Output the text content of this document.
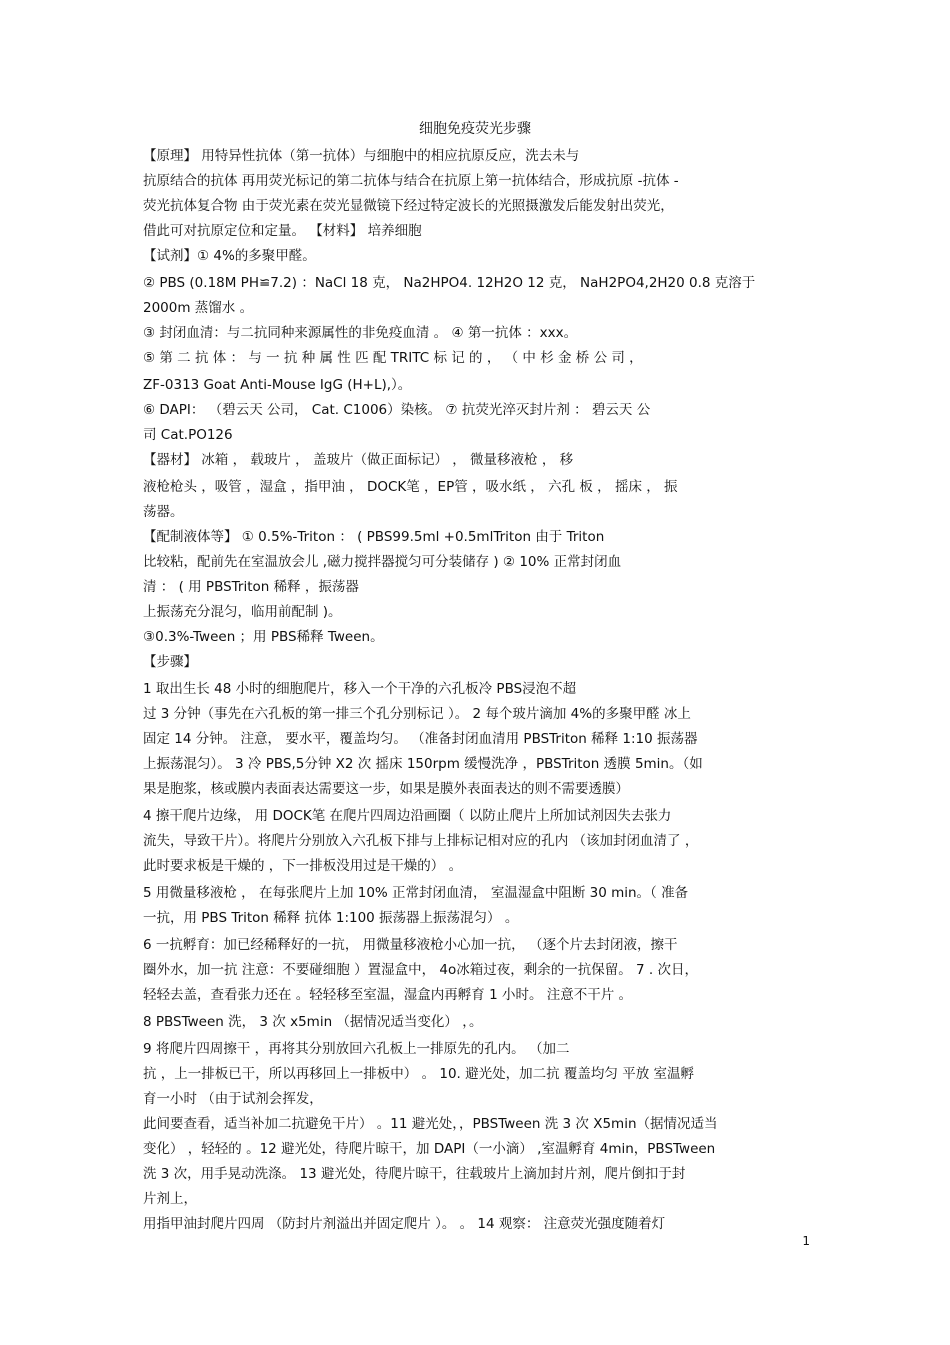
细胞免疫荧光步骤
【原理】 用特异性抗体（第一抗体）与细胞中的相应抗原反应，洗去未与
抗原结合的抗体 再用荧光标记的第二抗体与结合在抗原上第一抗体结合，形成抗原 -抗体 -
荧光抗体复合物 由于荧光素在荧光显微镜下经过特定波长的光照摄激发后能发射出荧光，
借此可对抗原定位和定量。 【材料】 培养细胞
【试剂】① 4%的多聚甲醛。
② PBS (0.18M PH≌7.2) ：NaCl 18 克， Na2HPO4. 12H2O 12 克， NaH2PO4,2H20 0.8 克溶于
2000m 蒸馏水 。
③ 封闭血清：与二抗同种来源属性的非免疫血清 。 ④ 第一抗体 ：xxx。
⑤ 第 二 抗 体 ： 与 一 抗 种 属 性 匹 配 TRITC 标 记 的 ， （ 中 杉 金 桥 公 司 ，
ZF-0313 Goat Anti-Mouse IgG (H+L),）。
⑥ DAPI： （碧云天 公司， Cat. C1006）染核。 ⑦ 抗荧光淬灭封片剂 ： 碧云天 公
司 Cat.PO126
【器材】 冰箱 ， 载玻片 ， 盖玻片（做正面标记） ， 微量移液枪 ， 移
液枪枪头 ，吸管 ，湿盒 ，指甲油 ， DOCK笔 ，EP管 ，吸水纸 ， 六孔 板 ， 摇床 ， 振
荡器。
【配制液体等】 ① 0.5%-Triton ： ( PBS99.5ml +0.5mlTriton 由于 Triton
比较粘，配前先在室温放会儿 ,磁力搅拌器搅匀可分装储存 ) ② 10% 正常封闭血
清 ： ( 用 PBSTriton 稀释 ，振荡器
上振荡充分混匀，临用前配制 )。
③0.3%-Tween ；用 PBS稀释 Tween。
【步骤】
1 取出生长 48 小时的细胞爬片，移入一个干净的六孔板冷 PBS浸泡不超
过 3 分钟（事先在六孔板的第一排三个孔分别标记 ）。 2 每个玻片滴加 4%的多聚甲醛 冰上
固定 14 分钟。 注意， 要水平，覆盖均匀。 （准备封闭血清用 PBSTriton 稀释 1:10 振荡器
上振荡混匀）。 3 冷 PBS,5分钟 X2 次 摇床 150rpm 缓慢洗净 ，PBSTriton 透膜 5min。（如
果是胞浆，核或膜内表面表达需要这一步，如果是膜外表面表达的则不需要透膜）
4 擦干爬片边缘， 用 DOCK笔 在爬片四周边沿画圈（ 以防止爬片上所加试剂因失去张力
流失，导致干片）。将爬片分别放入六孔板下排与上排标记相对应的孔内 （该加封闭血清了 ，
此时要求板是干燥的 ，下一排板没用过是干燥的） 。
5 用微量移液枪 ， 在每张爬片上加 10% 正常封闭血清， 室温湿盒中阻断 30 min。（ 准备
一抗，用 PBS Triton 稀释 抗体 1:100 振荡器上振荡混匀） 。
6 一抗孵育：加已经稀释好的一抗， 用微量移液枪小心加一抗， （逐个片去封闭液，擦干
圈外水，加一抗 注意：不要碰细胞 ）置湿盒中， 4o冰箱过夜，剩余的一抗保留。 7 . 次日，
轻轻去盖，查看张力还在 。轻轻移至室温，湿盒内再孵育 1 小时。 注意不干片 。
8 PBSTween 洗， 3 次 x5min （据情况适当变化） ，。
9 将爬片四周擦干 ，再将其分别放回六孔板上一排原先的孔内。 （加二
抗 ，上一排板已干，所以再移回上一排板中） 。 10. 避光处，加二抗 覆盖均匀 平放 室温孵
育一小时 （由于试剂会挥发，
此间要查看，适当补加二抗避免干片） 。11 避光处，，PBSTween 洗 3 次 X5min（据情况适当
变化） ，轻轻的 。12 避光处，待爬片晾干，加 DAPI（一小滴） ,室温孵育 4min，PBSTween
洗 3 次，用手晃动洗涤。 13 避光处，待爬片晾干，往载玻片上滴加封片剂，爬片倒扣于封
片剂上，
用指甲油封爬片四周 （防封片剂溢出并固定爬片 ）。 。 14 观察： 注意荧光强度随着灯
1
